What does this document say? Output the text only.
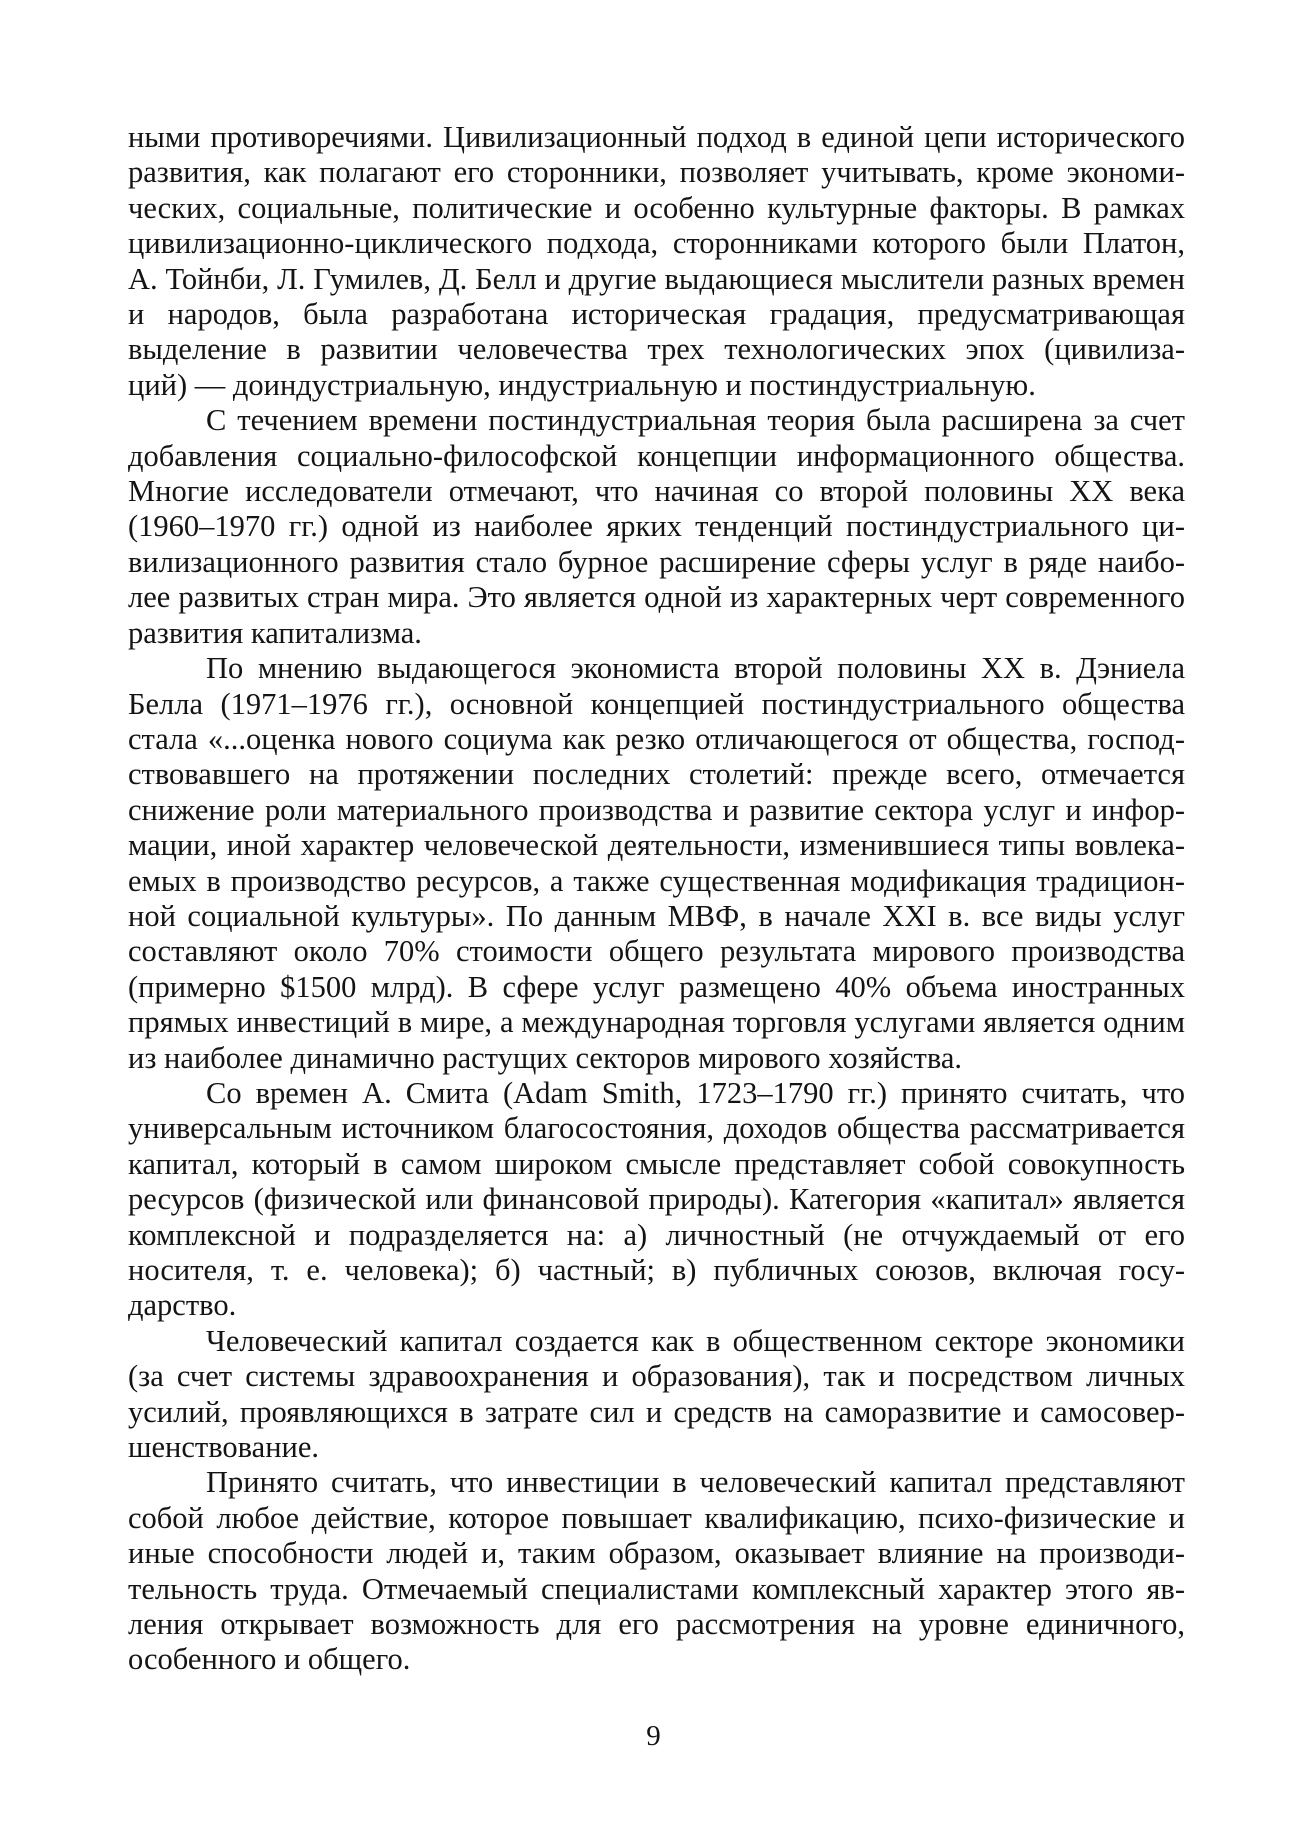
ными противоречиями. Цивилизационный подход в единой цепи исторического развития, как полагают его сторонники, позволяет учитывать, кроме экономических, социальные, политические и особенно культурные факторы. В рамках цивилизационно-циклического подхода, сторонниками которого были Платон, А. Тойнби, Л. Гумилев, Д. Белл и другие выдающиеся мыслители разных времен и народов, была разработана историческая градация, предусматривающая выделение в развитии человечества трех технологических эпох (цивилизаций) — доиндустриальную, индустриальную и постиндустриальную.

С течением времени постиндустриальная теория была расширена за счет добавления социально-философской концепции информационного общества. Многие исследователи отмечают, что начиная со второй половины XX века (1960–1970 гг.) одной из наиболее ярких тенденций постиндустриального цивилизационного развития стало бурное расширение сферы услуг в ряде наиболее развитых стран мира. Это является одной из характерных черт современного развития капитализма.

По мнению выдающегося экономиста второй половины XX в. Дэниела Белла (1971–1976 гг.), основной концепцией постиндустриального общества стала «...оценка нового социума как резко отличающегося от общества, господствовавшего на протяжении последних столетий: прежде всего, отмечается снижение роли материального производства и развитие сектора услуг и информации, иной характер человеческой деятельности, изменившиеся типы вовлекаемых в производство ресурсов, а также существенная модификация традиционной социальной культуры». По данным МВФ, в начале XXI в. все виды услуг составляют около 70% стоимости общего результата мирового производства (примерно $1500 млрд). В сфере услуг размещено 40% объема иностранных прямых инвестиций в мире, а международная торговля услугами является одним из наиболее динамично растущих секторов мирового хозяйства.

Со времен А. Смита (Adam Smith, 1723–1790 гг.) принято считать, что универсальным источником благосостояния, доходов общества рассматривается капитал, который в самом широком смысле представляет собой совокупность ресурсов (физической или финансовой природы). Категория «капитал» является комплексной и подразделяется на: а) личностный (не отчуждаемый от его носителя, т. е. человека); б) частный; в) публичных союзов, включая государство.

Человеческий капитал создается как в общественном секторе экономики (за счет системы здравоохранения и образования), так и посредством личных усилий, проявляющихся в затрате сил и средств на саморазвитие и самосовершенствование.

Принято считать, что инвестиции в человеческий капитал представляют собой любое действие, которое повышает квалификацию, психо-физические и иные способности людей и, таким образом, оказывает влияние на производительность труда. Отмечаемый специалистами комплексный характер этого явления открывает возможность для его рассмотрения на уровне единичного, особенного и общего.

9
